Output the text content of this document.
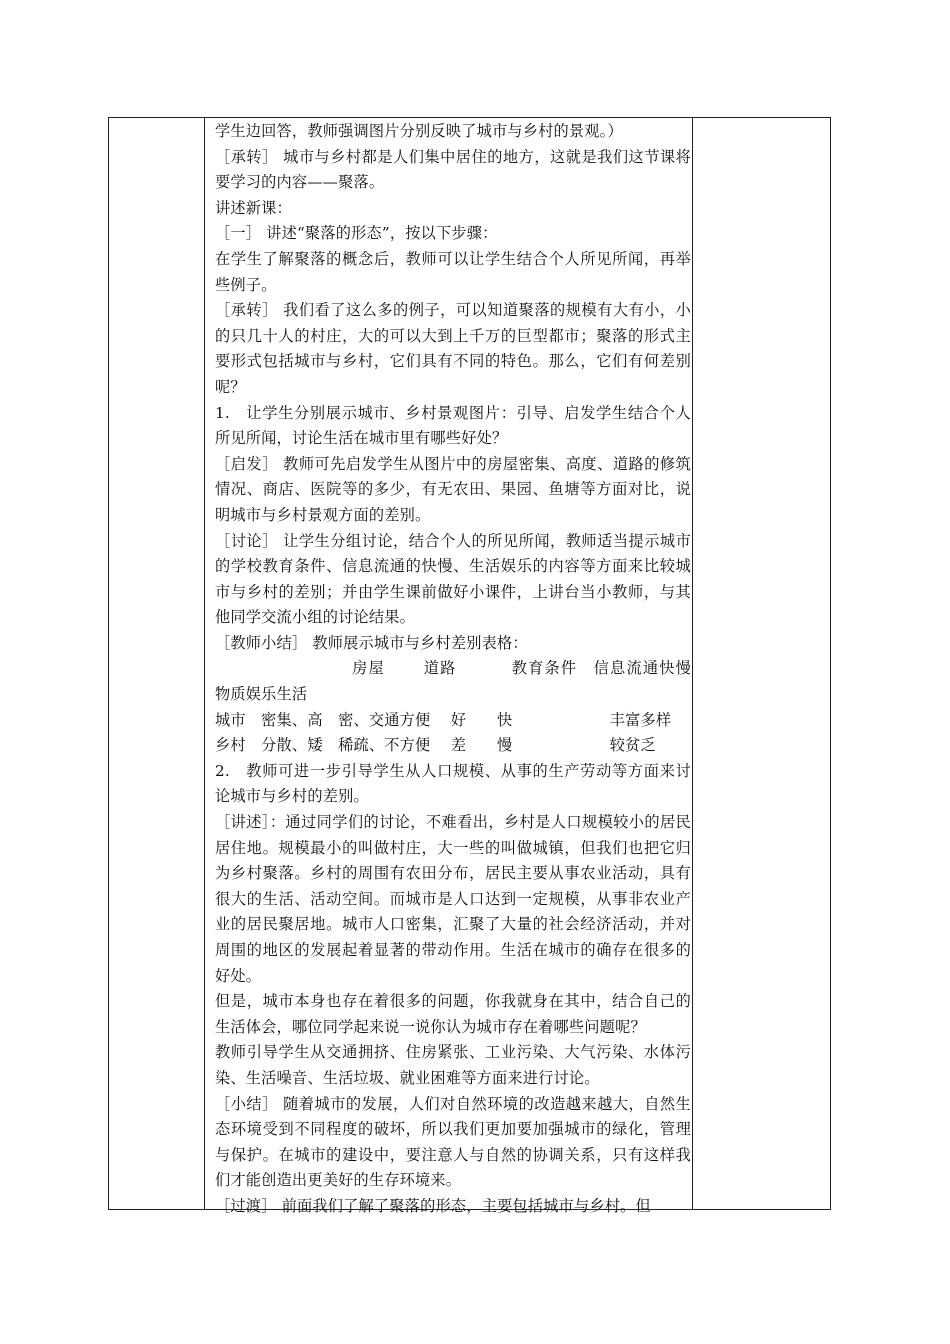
学生边回答，教师强调图片分别反映了城市与乡村的景观。）

［承转］ 城市与乡村都是人们集中居住的地方，这就是我们这节课将要学习的内容——聚落。

讲述新课：

［一］ 讲述“聚落的形态”，按以下步骤：

在学生了解聚落的概念后，教师可以让学生结合个人所见所闻，再举些例子。

［承转］ 我们看了这么多的例子，可以知道聚落的规模有大有小，小的只几十人的村庄，大的可以大到上千万的巨型都市；聚落的形式主要形式包括城市与乡村，它们具有不同的特色。那么，它们有何差别呢？

1.　让学生分别展示城市、乡村景观图片：引导、启发学生结合个人所见所闻，讨论生活在城市里有哪些好处？

［启发］ 教师可先启发学生从图片中的房屋密集、高度、道路的修筑情况、商店、医院等的多少，有无农田、果园、鱼塘等方面对比，说明城市与乡村景观方面的差别。

［讨论］ 让学生分组讨论，结合个人的所见所闻，教师适当提示城市的学校教育条件、信息流通的快慢、生活娱乐的内容等方面来比较城市与乡村的差别；并由学生课前做好小课件，上讲台当小教师，与其他同学交流小组的讨论结果。

［教师小结］ 教师展示城市与乡村差别表格：

　　　　　　　　 房屋　　 道路　　　 教育条件　信息流通快慢　物质娱乐生活

城市　密集、高　密、交通方便　 好　　快　　　　　　 丰富多样

乡村　分散、矮　稀疏、不方便　 差　　慢　　　　　　 较贫乏

2.　教师可进一步引导学生从人口规模、从事的生产劳动等方面来讨论城市与乡村的差别。

［讲述］：通过同学们的讨论，不难看出，乡村是人口规模较小的居民居住地。规模最小的叫做村庄，大一些的叫做城镇，但我们也把它归为乡村聚落。乡村的周围有农田分布，居民主要从事农业活动，具有很大的生活、活动空间。而城市是人口达到一定规模，从事非农业产业的居民聚居地。城市人口密集，汇聚了大量的社会经济活动，并对周围的地区的发展起着显著的带动作用。生活在城市的确存在很多的好处。

但是，城市本身也存在着很多的问题，你我就身在其中，结合自己的生活体会，哪位同学起来说一说你认为城市存在着哪些问题呢？

教师引导学生从交通拥挤、住房紧张、工业污染、大气污染、水体污染、生活噪音、生活垃圾、就业困难等方面来进行讨论。

［小结］ 随着城市的发展，人们对自然环境的改造越来越大，自然生态环境受到不同程度的破坏，所以我们更加要加强城市的绿化，管理与保护。在城市的建设中，要注意人与自然的协调关系，只有这样我们才能创造出更美好的生存环境来。

［过渡］ 前面我们了解了聚落的形态，主要包括城市与乡村。但
